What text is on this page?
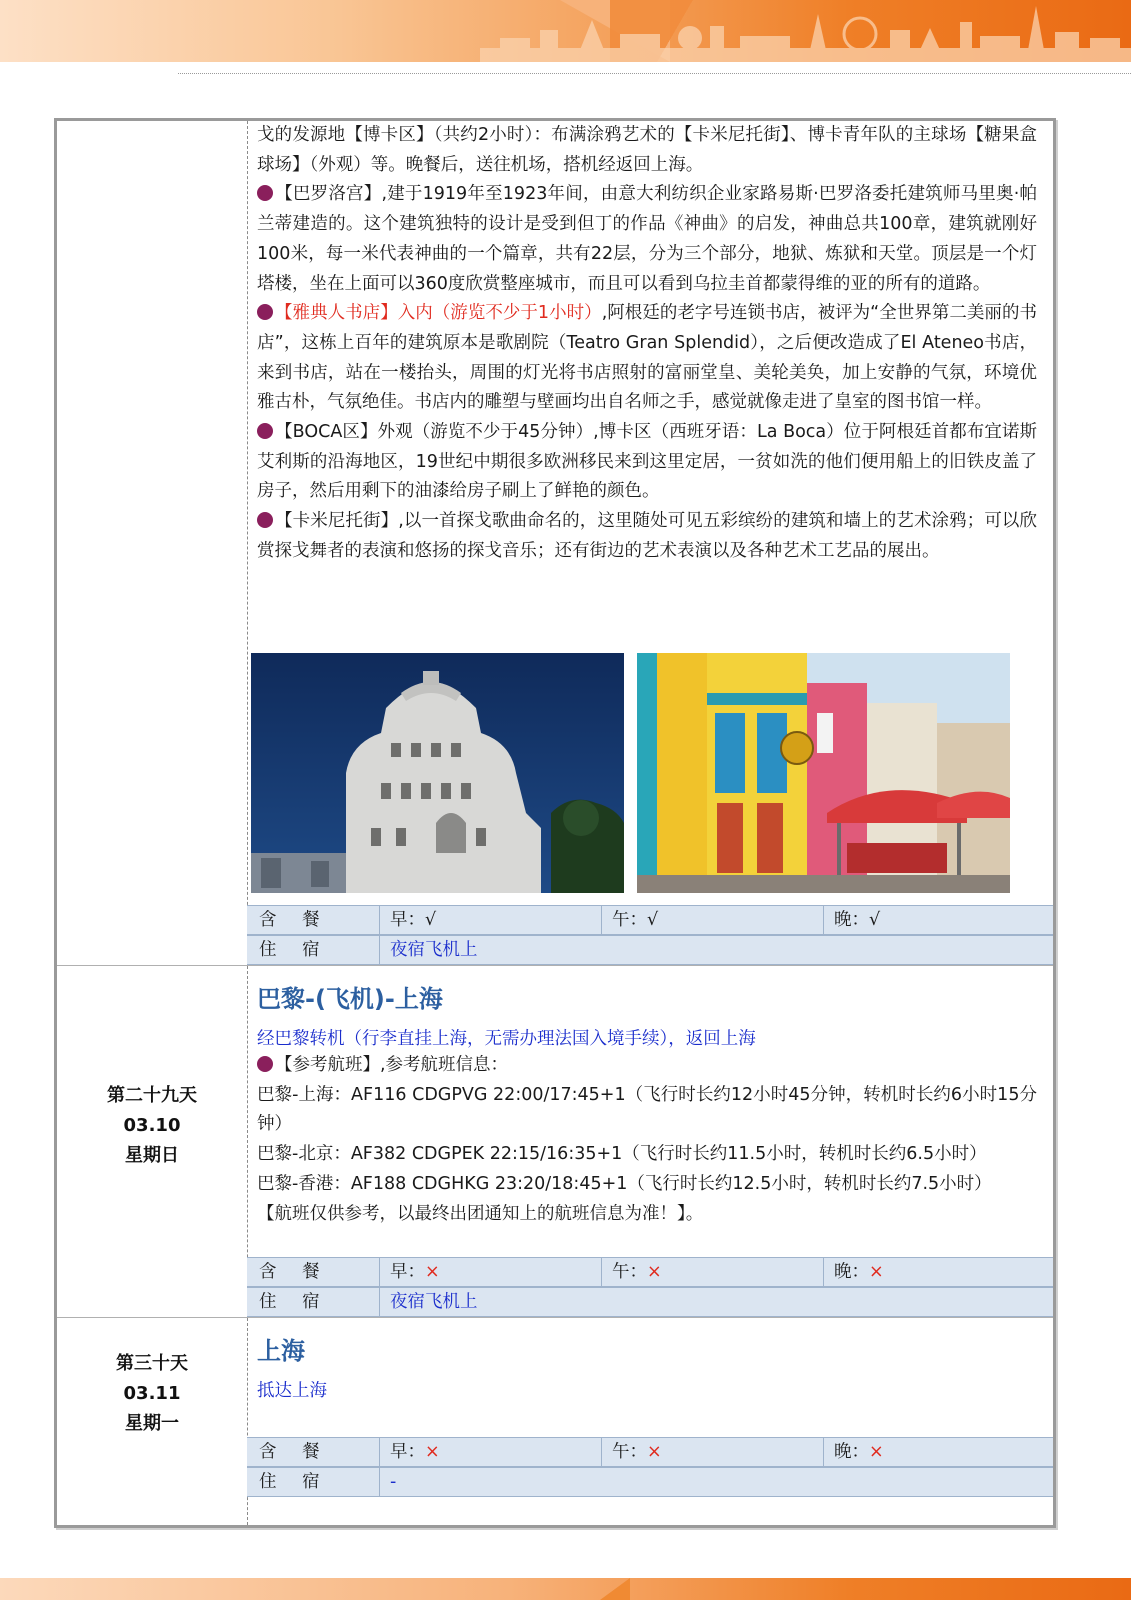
戈的发源地【博卡区】（共约2小时）：布满涂鸦艺术的【卡米尼托街】、博卡青年队的主球场【糖果盒球场】（外观）等。晚餐后，送往机场，搭机经返回上海。

【巴罗洛宫】,建于1919年至1923年间，由意大利纺织企业家路易斯·巴罗洛委托建筑师马里奥·帕兰蒂建造的。这个建筑独特的设计是受到但丁的作品《神曲》的启发，神曲总共100章，建筑就刚好100米，每一米代表神曲的一个篇章，共有22层，分为三个部分，地狱、炼狱和天堂。顶层是一个灯塔楼，坐在上面可以360度欣赏整座城市，而且可以看到乌拉圭首都蒙得维的亚的所有的道路。

【雅典人书店】入内（游览不少于1小时）,阿根廷的老字号连锁书店，被评为“全世界第二美丽的书店”，这栋上百年的建筑原本是歌剧院（Teatro Gran Splendid），之后便改造成了El Ateneo书店，来到书店，站在一楼抬头，周围的灯光将书店照射的富丽堂皇、美轮美奂，加上安静的气氛，环境优雅古朴，气氛绝佳。书店内的雕塑与壁画均出自名师之手，感觉就像走进了皇室的图书馆一样。

【BOCA区】外观（游览不少于45分钟）,博卡区（西班牙语：La Boca）位于阿根廷首都布宜诺斯艾利斯的沿海地区，19世纪中期很多欧洲移民来到这里定居，一贫如洗的他们便用船上的旧铁皮盖了房子，然后用剩下的油漆给房子刷上了鲜艳的颜色。

【卡米尼托街】,以一首探戈歌曲命名的，这里随处可见五彩缤纷的建筑和墙上的艺术涂鸦；可以欣赏探戈舞者的表演和悠扬的探戈音乐；还有街边的艺术表演以及各种艺术工艺品的展出。

含 餐	早：√	午：√	晚：√
住 宿	夜宿飞机上
第二十九天
03.10
星期日
巴黎-(飞机)-上海
经巴黎转机（行李直挂上海，无需办理法国入境手续），返回上海

【参考航班】,参考航班信息：

巴黎-上海：AF116 CDGPVG 22:00/17:45+1（飞行时长约12小时45分钟，转机时长约6小时15分钟）

巴黎-北京：AF382 CDGPEK 22:15/16:35+1（飞行时长约11.5小时，转机时长约6.5小时）

巴黎-香港：AF188 CDGHKG 23:20/18:45+1（飞行时长约12.5小时，转机时长约7.5小时）

【航班仅供参考，以最终出团通知上的航班信息为准！】。

含 餐	早：×	午：×	晚：×
住 宿	夜宿飞机上
第三十天
03.11
星期一
上海
抵达上海
含 餐	早：×	午：×	晚：×
住 宿	-
